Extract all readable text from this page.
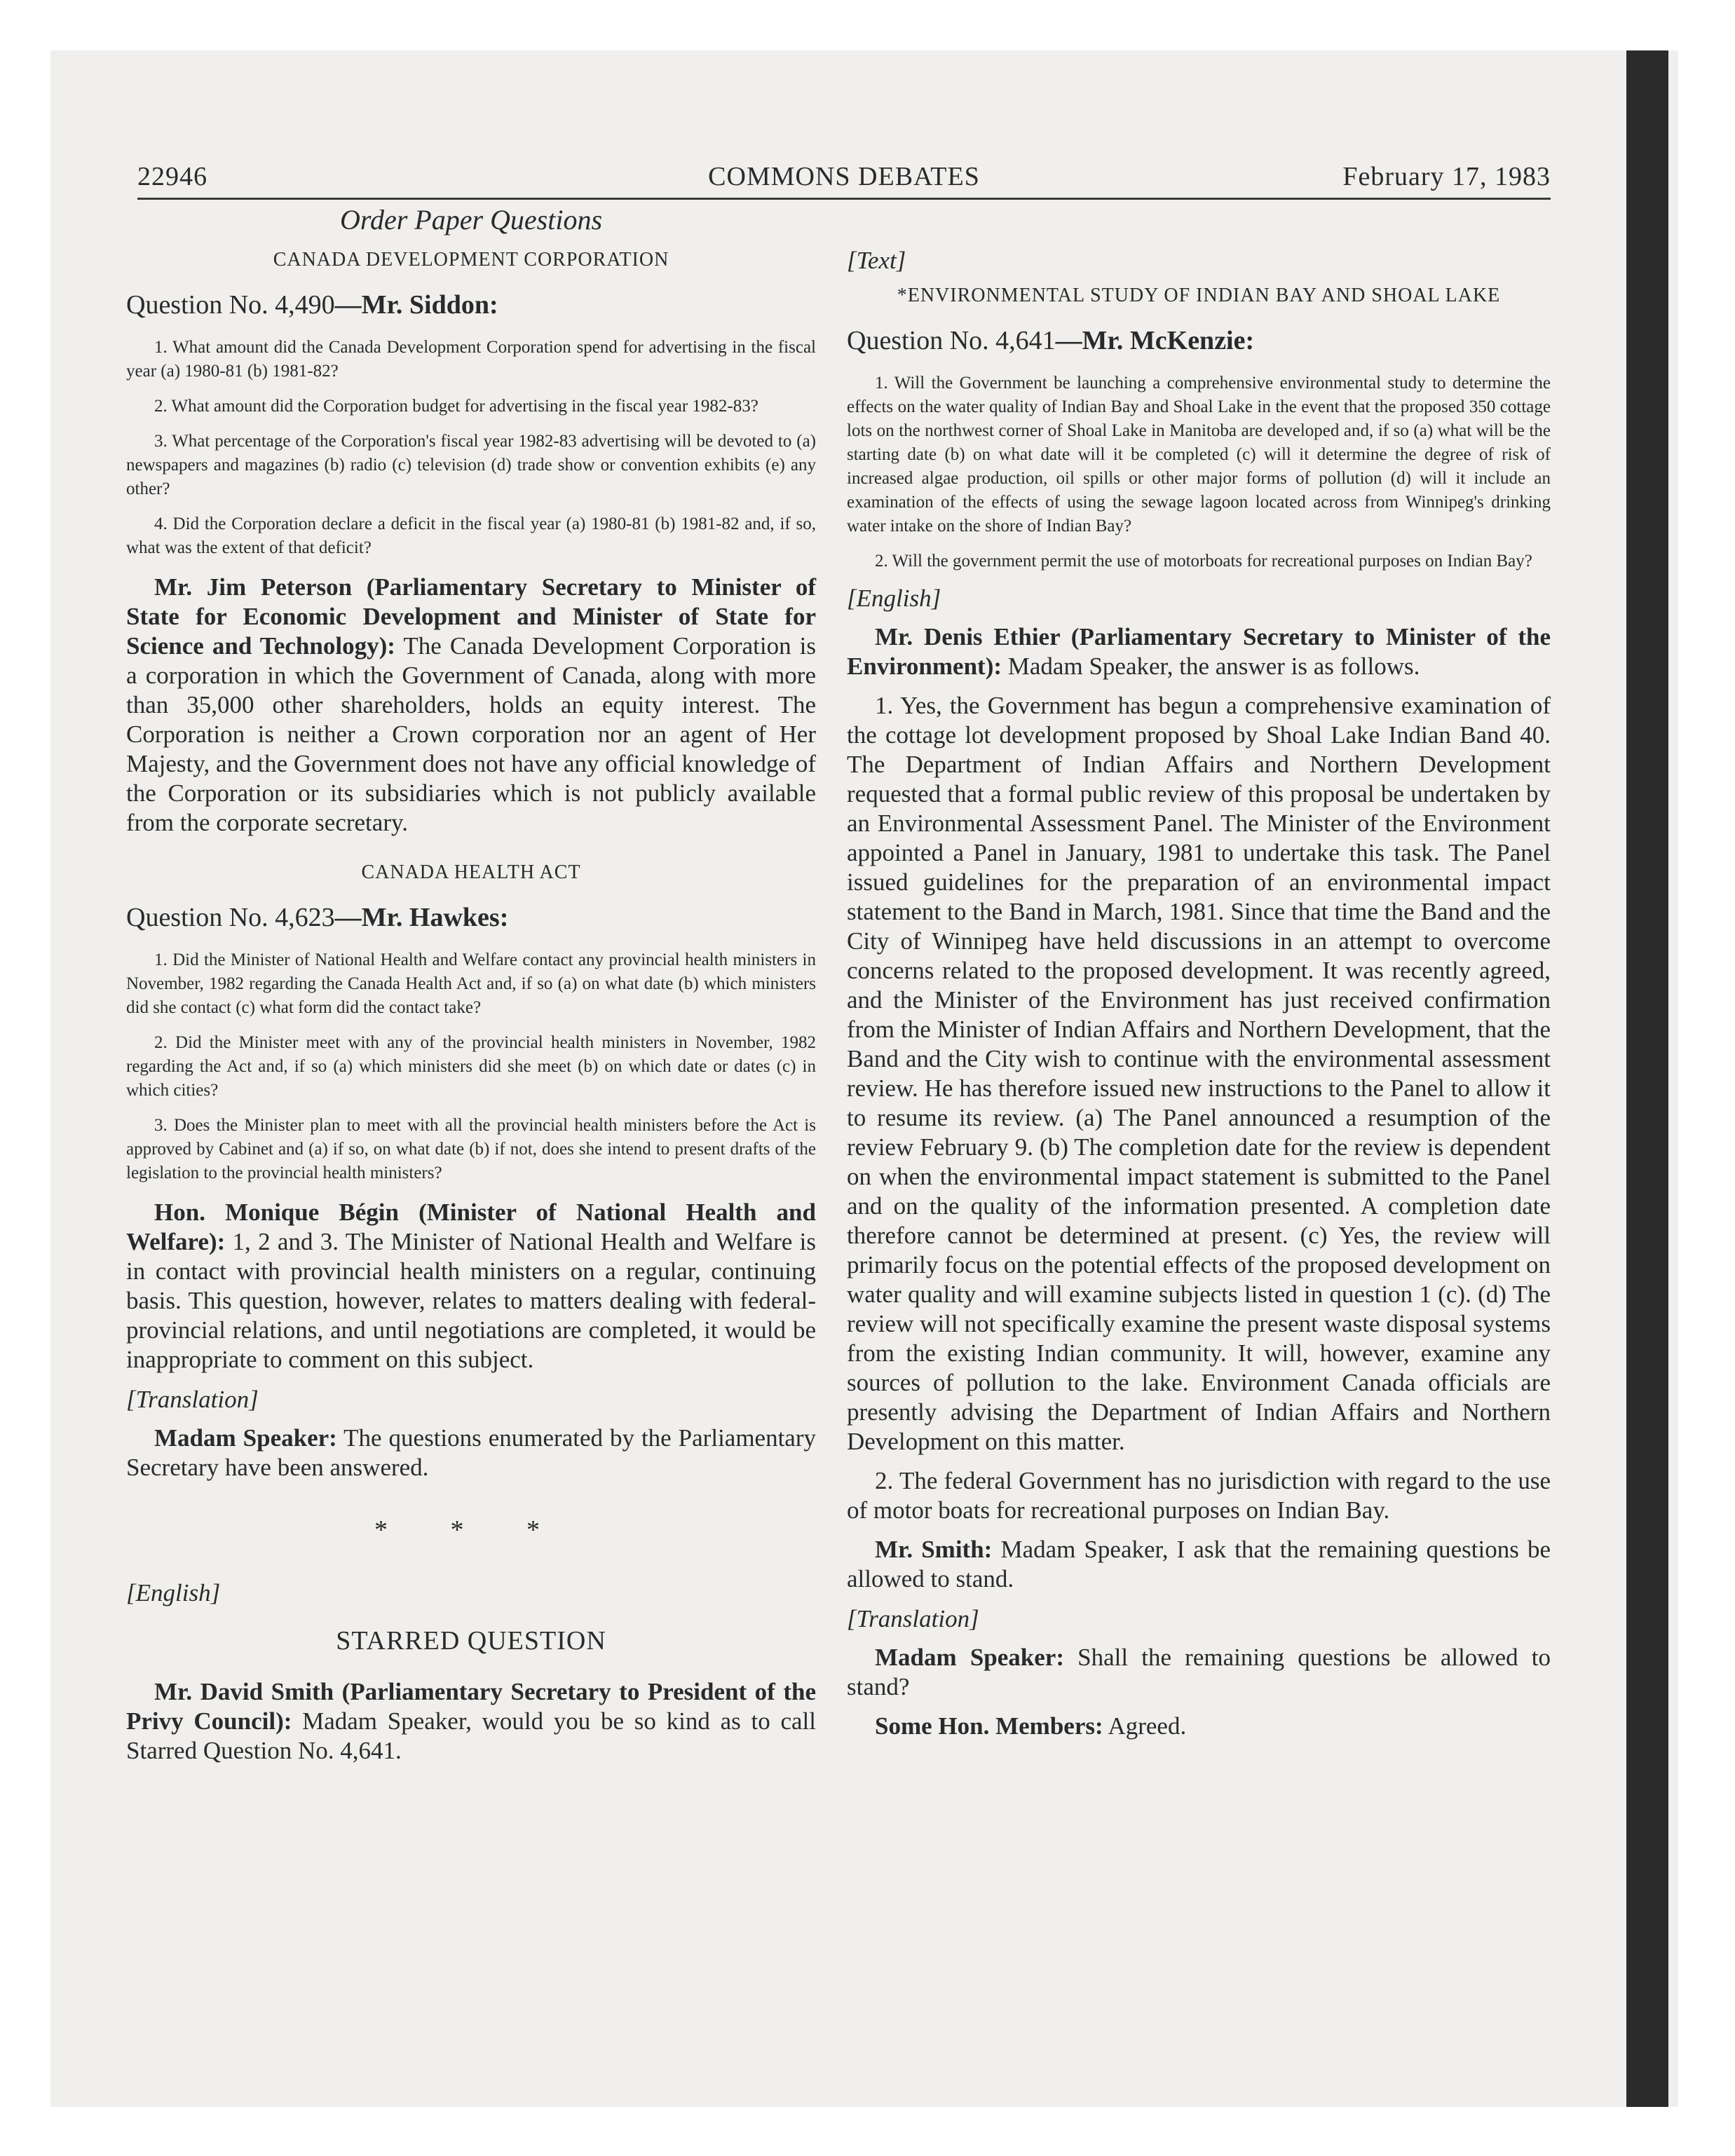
22946	COMMONS DEBATES	February 17, 1983
Order Paper Questions
CANADA DEVELOPMENT CORPORATION
Question No. 4,490—Mr. Siddon:

1. What amount did the Canada Development Corporation spend for advertising in the fiscal year (a) 1980-81 (b) 1981-82?

2. What amount did the Corporation budget for advertising in the fiscal year 1982-83?

3. What percentage of the Corporation's fiscal year 1982-83 advertising will be devoted to (a) newspapers and magazines (b) radio (c) television (d) trade show or convention exhibits (e) any other?

4. Did the Corporation declare a deficit in the fiscal year (a) 1980-81 (b) 1981-82 and, if so, what was the extent of that deficit?

Mr. Jim Peterson (Parliamentary Secretary to Minister of State for Economic Development and Minister of State for Science and Technology): The Canada Development Corporation is a corporation in which the Government of Canada, along with more than 35,000 other shareholders, holds an equity interest. The Corporation is neither a Crown corporation nor an agent of Her Majesty, and the Government does not have any official knowledge of the Corporation or its subsidiaries which is not publicly available from the corporate secretary.

CANADA HEALTH ACT
Question No. 4,623—Mr. Hawkes:

1. Did the Minister of National Health and Welfare contact any provincial health ministers in November, 1982 regarding the Canada Health Act and, if so (a) on what date (b) which ministers did she contact (c) what form did the contact take?

2. Did the Minister meet with any of the provincial health ministers in November, 1982 regarding the Act and, if so (a) which ministers did she meet (b) on which date or dates (c) in which cities?

3. Does the Minister plan to meet with all the provincial health ministers before the Act is approved by Cabinet and (a) if so, on what date (b) if not, does she intend to present drafts of the legislation to the provincial health ministers?

Hon. Monique Bégin (Minister of National Health and Welfare): 1, 2 and 3. The Minister of National Health and Welfare is in contact with provincial health ministers on a regular, continuing basis. This question, however, relates to matters dealing with federal-provincial relations, and until negotiations are completed, it would be inappropriate to comment on this subject.

[Translation]

Madam Speaker: The questions enumerated by the Parliamentary Secretary have been answered.

* * *
[English]
STARRED QUESTION

Mr. David Smith (Parliamentary Secretary to President of the Privy Council): Madam Speaker, would you be so kind as to call Starred Question No. 4,641.

[Text]
*ENVIRONMENTAL STUDY OF INDIAN BAY AND SHOAL LAKE
Question No. 4,641—Mr. McKenzie:

1. Will the Government be launching a comprehensive environmental study to determine the effects on the water quality of Indian Bay and Shoal Lake in the event that the proposed 350 cottage lots on the northwest corner of Shoal Lake in Manitoba are developed and, if so (a) what will be the starting date (b) on what date will it be completed (c) will it determine the degree of risk of increased algae production, oil spills or other major forms of pollution (d) will it include an examination of the effects of using the sewage lagoon located across from Winnipeg's drinking water intake on the shore of Indian Bay?

2. Will the government permit the use of motorboats for recreational purposes on Indian Bay?

[English]

Mr. Denis Ethier (Parliamentary Secretary to Minister of the Environment): Madam Speaker, the answer is as follows.

1. Yes, the Government has begun a comprehensive examination of the cottage lot development proposed by Shoal Lake Indian Band 40. The Department of Indian Affairs and Northern Development requested that a formal public review of this proposal be undertaken by an Environmental Assessment Panel. The Minister of the Environment appointed a Panel in January, 1981 to undertake this task. The Panel issued guidelines for the preparation of an environmental impact statement to the Band in March, 1981. Since that time the Band and the City of Winnipeg have held discussions in an attempt to overcome concerns related to the proposed development. It was recently agreed, and the Minister of the Environment has just received confirmation from the Minister of Indian Affairs and Northern Development, that the Band and the City wish to continue with the environmental assessment review. He has therefore issued new instructions to the Panel to allow it to resume its review. (a) The Panel announced a resumption of the review February 9. (b) The completion date for the review is dependent on when the environmental impact statement is submitted to the Panel and on the quality of the information presented. A completion date therefore cannot be determined at present. (c) Yes, the review will primarily focus on the potential effects of the proposed development on water quality and will examine subjects listed in question 1 (c). (d) The review will not specifically examine the present waste disposal systems from the existing Indian community. It will, however, examine any sources of pollution to the lake. Environment Canada officials are presently advising the Department of Indian Affairs and Northern Development on this matter.

2. The federal Government has no jurisdiction with regard to the use of motor boats for recreational purposes on Indian Bay.

Mr. Smith: Madam Speaker, I ask that the remaining questions be allowed to stand.

[Translation]

Madam Speaker: Shall the remaining questions be allowed to stand?

Some Hon. Members: Agreed.
